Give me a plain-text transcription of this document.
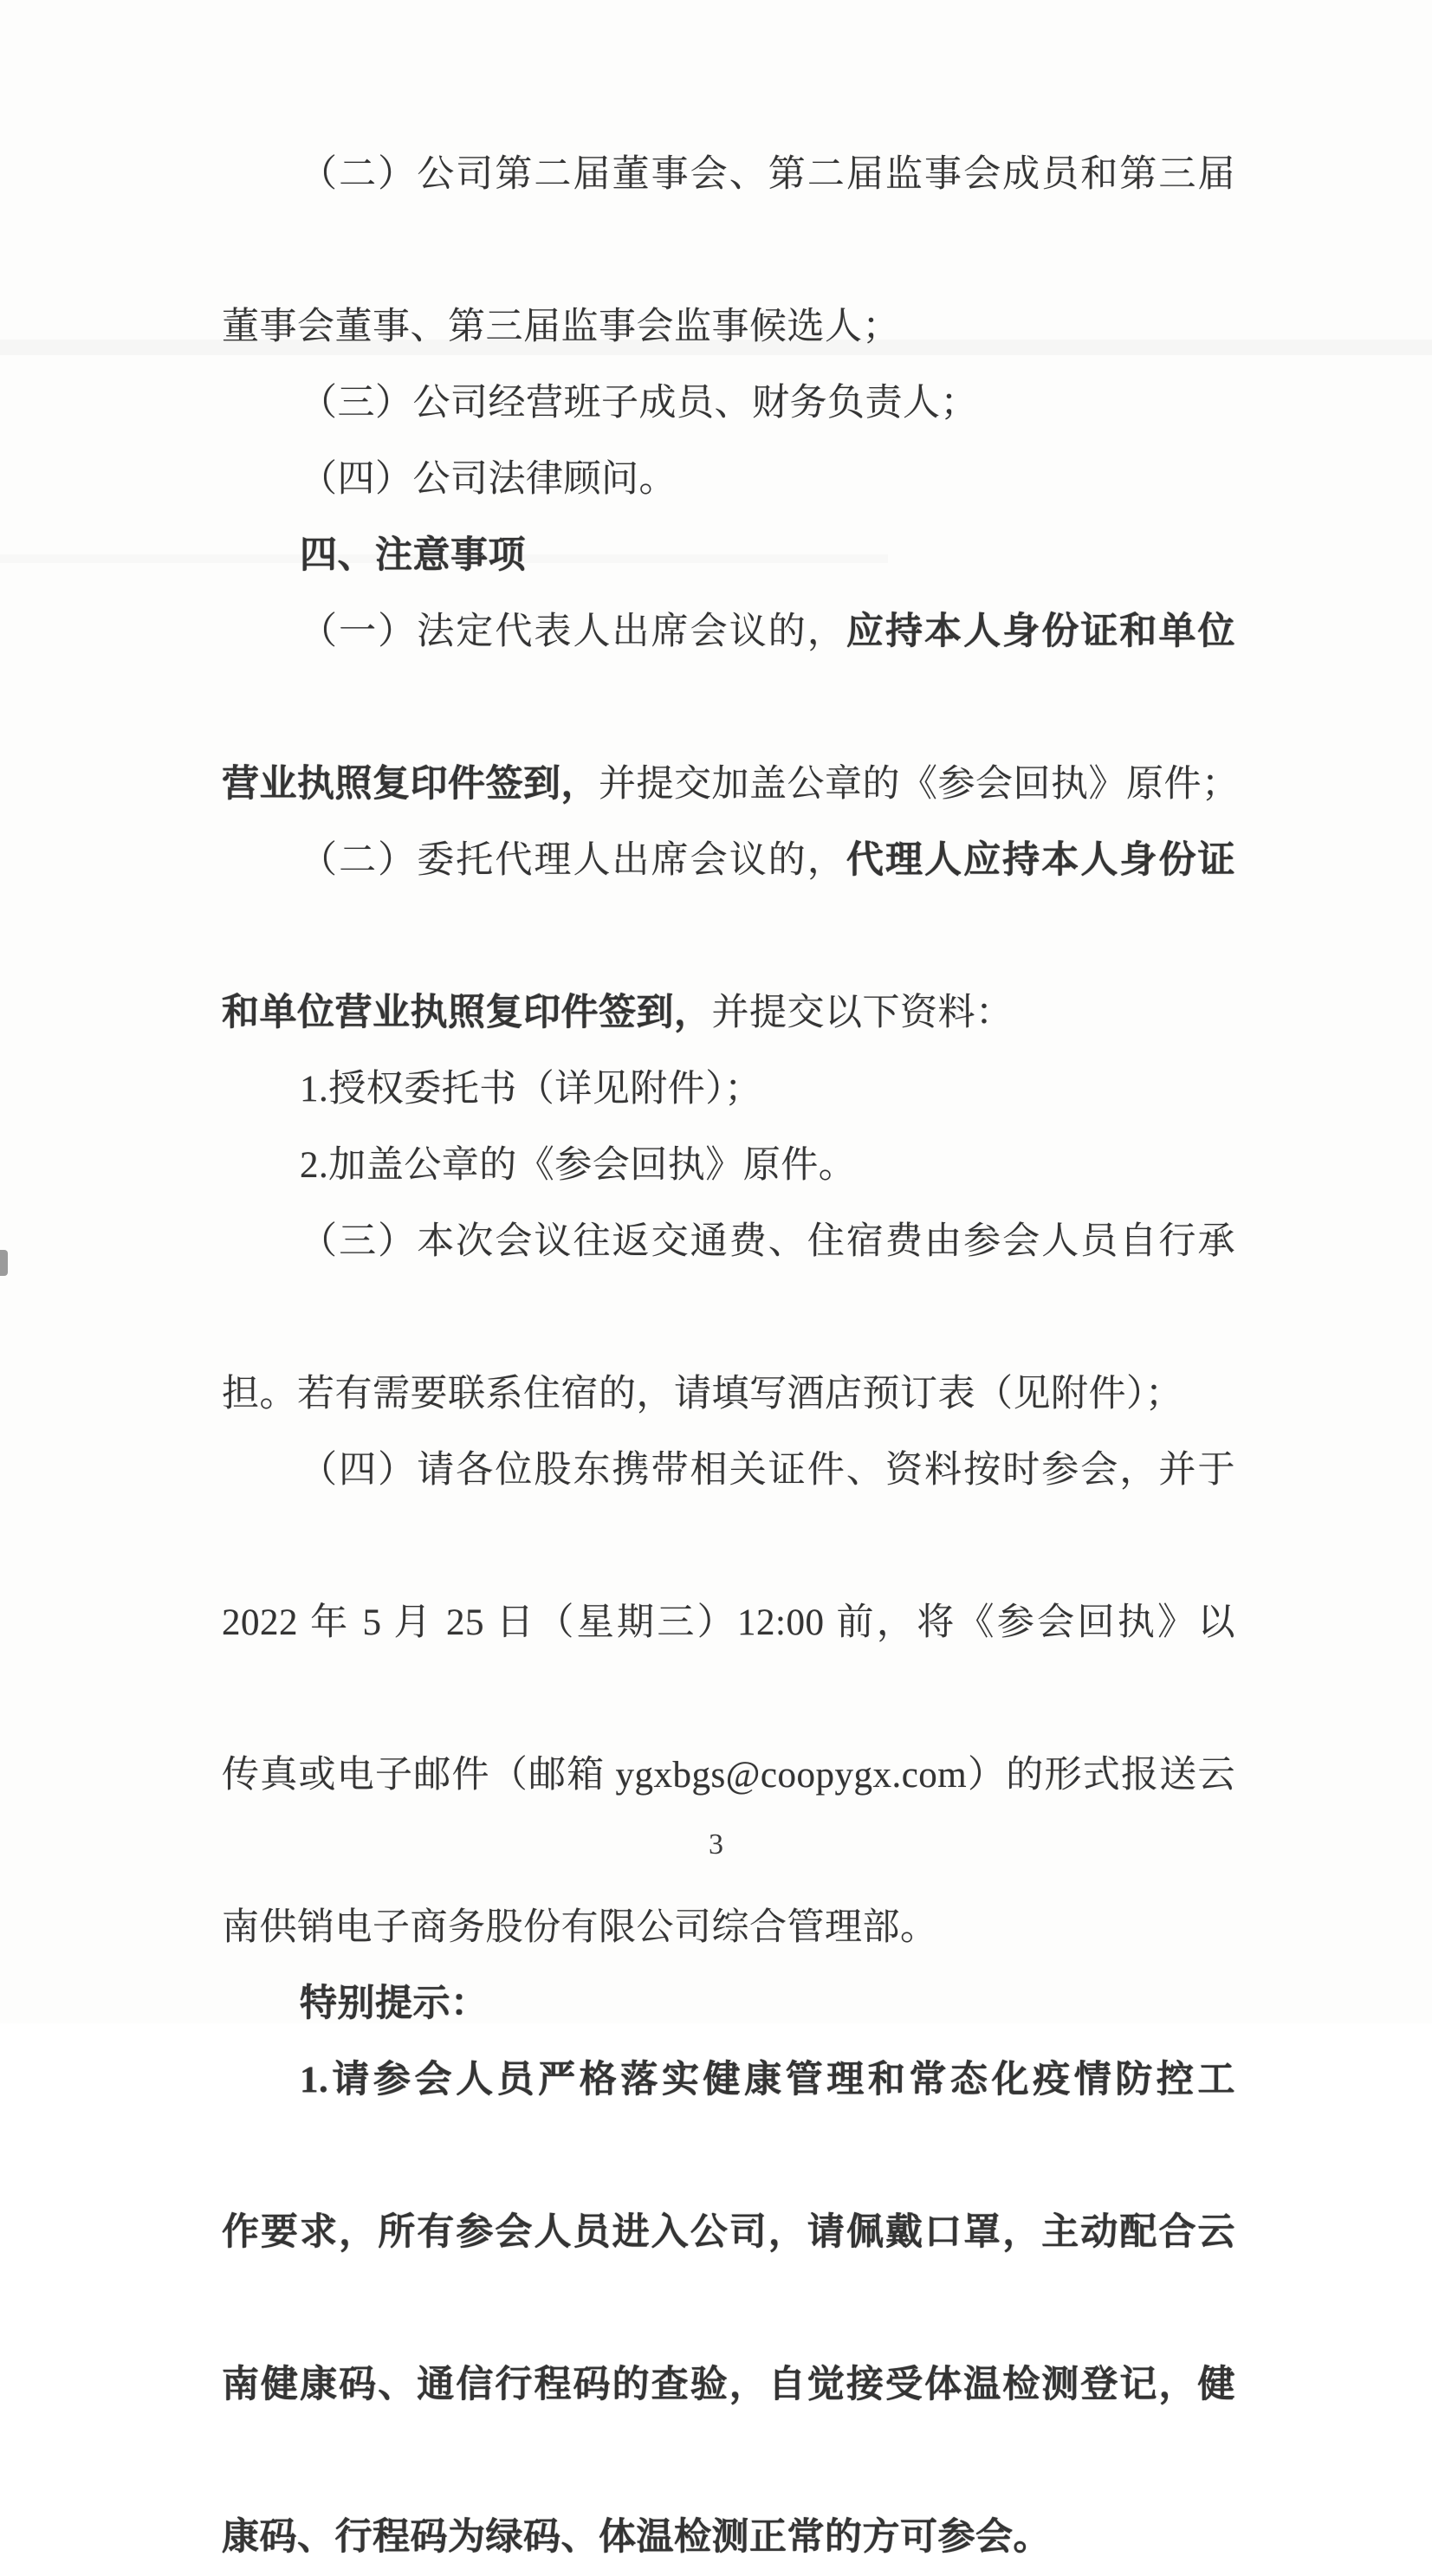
（二）公司第二届董事会、第二届监事会成员和第三届

董事会董事、第三届监事会监事候选人；

（三）公司经营班子成员、财务负责人；

（四）公司法律顾问。

四、注意事项

（一）法定代表人出席会议的，应持本人身份证和单位

营业执照复印件签到，并提交加盖公章的《参会回执》原件；

（二）委托代理人出席会议的，代理人应持本人身份证

和单位营业执照复印件签到，并提交以下资料：

1.授权委托书（详见附件）；

2.加盖公章的《参会回执》原件。

（三）本次会议往返交通费、住宿费由参会人员自行承

担。若有需要联系住宿的，请填写酒店预订表（见附件）；

（四）请各位股东携带相关证件、资料按时参会，并于

2022 年 5 月 25 日（星期三）12:00 前，将《参会回执》以

传真或电子邮件（邮箱 ygxbgs@coopygx.com）的形式报送云

南供销电子商务股份有限公司综合管理部。

特别提示：

1.请参会人员严格落实健康管理和常态化疫情防控工

作要求，所有参会人员进入公司，请佩戴口罩，主动配合云

南健康码、通信行程码的查验，自觉接受体温检测登记，健

康码、行程码为绿码、体温检测正常的方可参会。

3
